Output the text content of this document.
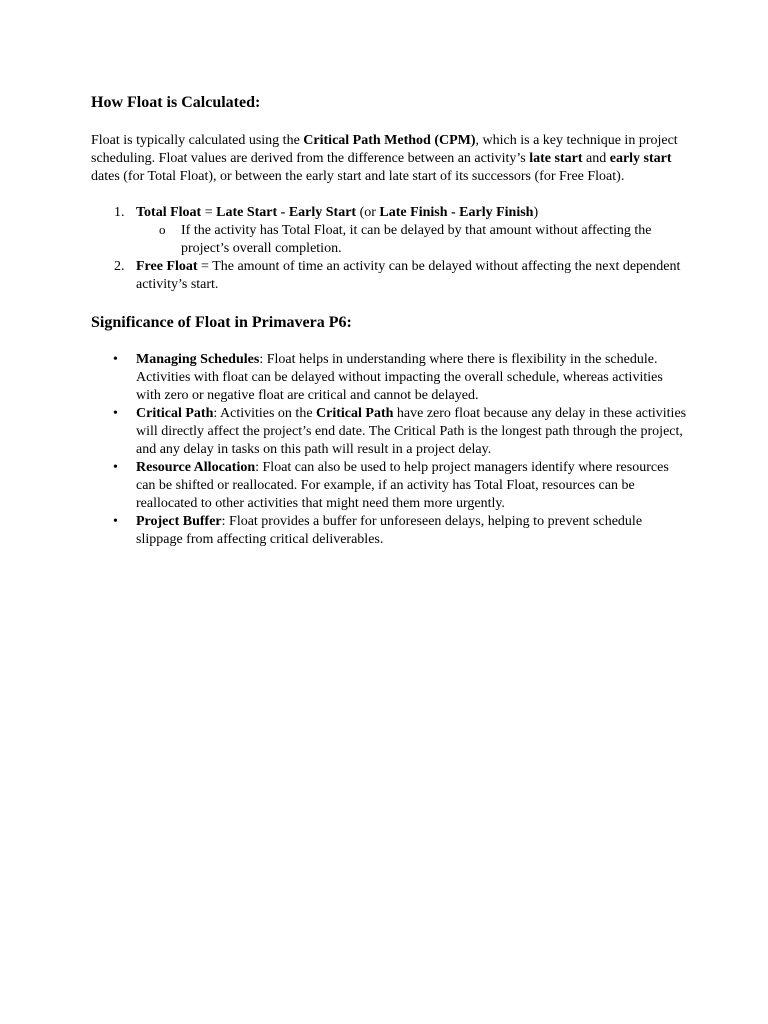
How Float is Calculated:

Float is typically calculated using the Critical Path Method (CPM), which is a key technique in project scheduling. Float values are derived from the difference between an activity’s late start and early start dates (for Total Float), or between the early start and late start of its successors (for Free Float).

1. Total Float = Late Start - Early Start (or Late Finish - Early Finish)
o If the activity has Total Float, it can be delayed by that amount without affecting the project’s overall completion.
2. Free Float = The amount of time an activity can be delayed without affecting the next dependent activity’s start.
Significance of Float in Primavera P6:
• Managing Schedules: Float helps in understanding where there is flexibility in the schedule. Activities with float can be delayed without impacting the overall schedule, whereas activities with zero or negative float are critical and cannot be delayed.
• Critical Path: Activities on the Critical Path have zero float because any delay in these activities will directly affect the project’s end date. The Critical Path is the longest path through the project, and any delay in tasks on this path will result in a project delay.
• Resource Allocation: Float can also be used to help project managers identify where resources can be shifted or reallocated. For example, if an activity has Total Float, resources can be reallocated to other activities that might need them more urgently.
• Project Buffer: Float provides a buffer for unforeseen delays, helping to prevent schedule slippage from affecting critical deliverables.
